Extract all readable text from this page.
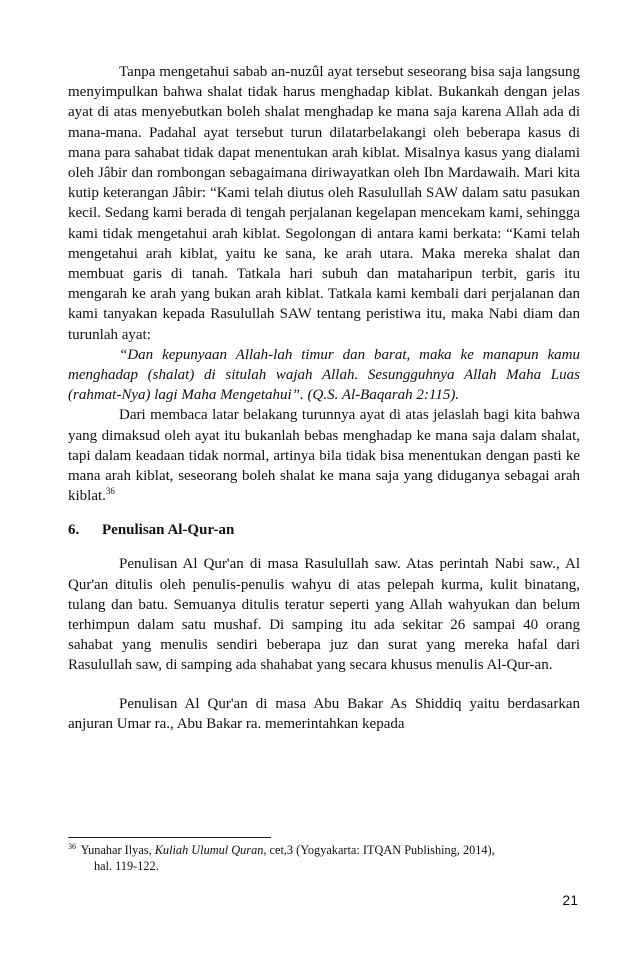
Tanpa mengetahui sabab an-nuzûl ayat tersebut seseorang bisa saja langsung menyimpulkan bahwa shalat tidak harus menghadap kiblat. Bukankah dengan jelas ayat di atas menyebutkan boleh shalat menghadap ke mana saja karena Allah ada di mana-mana. Padahal ayat tersebut turun dilatarbelakangi oleh beberapa kasus di mana para sahabat tidak dapat menentukan arah kiblat. Misalnya kasus yang dialami oleh Jâbir dan rombongan sebagaimana diriwayatkan oleh Ibn Mardawaih. Mari kita kutip keterangan Jâbir: “Kami telah diutus oleh Rasulullah SAW dalam satu pasukan kecil. Sedang kami berada di tengah perjalanan kegelapan mencekam kami, sehingga kami tidak mengetahui arah kiblat. Segolongan di antara kami berkata: “Kami telah mengetahui arah kiblat, yaitu ke sana, ke arah utara. Maka mereka shalat dan membuat garis di tanah. Tatkala hari subuh dan mataharipun terbit, garis itu mengarah ke arah yang bukan arah kiblat. Tatkala kami kembali dari perjalanan dan kami tanyakan kepada Rasulullah SAW tentang peristiwa itu, maka Nabi diam dan turunlah ayat:

“Dan kepunyaan Allah-lah timur dan barat, maka ke manapun kamu menghadap (shalat) di situlah wajah Allah. Sesungguhnya Allah Maha Luas (rahmat-Nya) lagi Maha Mengetahui”. (Q.S. Al-Baqarah 2:115).

Dari membaca latar belakang turunnya ayat di atas jelaslah bagi kita bahwa yang dimaksud oleh ayat itu bukanlah bebas menghadap ke mana saja dalam shalat, tapi dalam keadaan tidak normal, artinya bila tidak bisa menentukan dengan pasti ke mana arah kiblat, seseorang boleh shalat ke mana saja yang diduganya sebagai arah kiblat.$^{36}$

6.	Penulisan Al-Qur-an

Penulisan Al Qur'an di masa Rasulullah saw. Atas perintah Nabi saw., Al Qur'an ditulis oleh penulis-penulis wahyu di atas pelepah kurma, kulit binatang, tulang dan batu. Semuanya ditulis teratur seperti yang Allah wahyukan dan belum terhimpun dalam satu mushaf. Di samping itu ada sekitar 26 sampai 40 orang sahabat yang menulis sendiri beberapa juz dan surat yang mereka hafal dari Rasulullah saw, di samping ada shahabat yang secara khusus menulis Al-Qur-an.

Penulisan Al Qur'an di masa Abu Bakar As Shiddiq yaitu berdasarkan anjuran Umar ra., Abu Bakar ra. memerintahkan kepada

$^{36}$ Yunahar Ilyas, Kuliah Ulumul Quran, cet,3 (Yogyakarta: ITQAN Publishing, 2014),
hal. 119-122.

21
